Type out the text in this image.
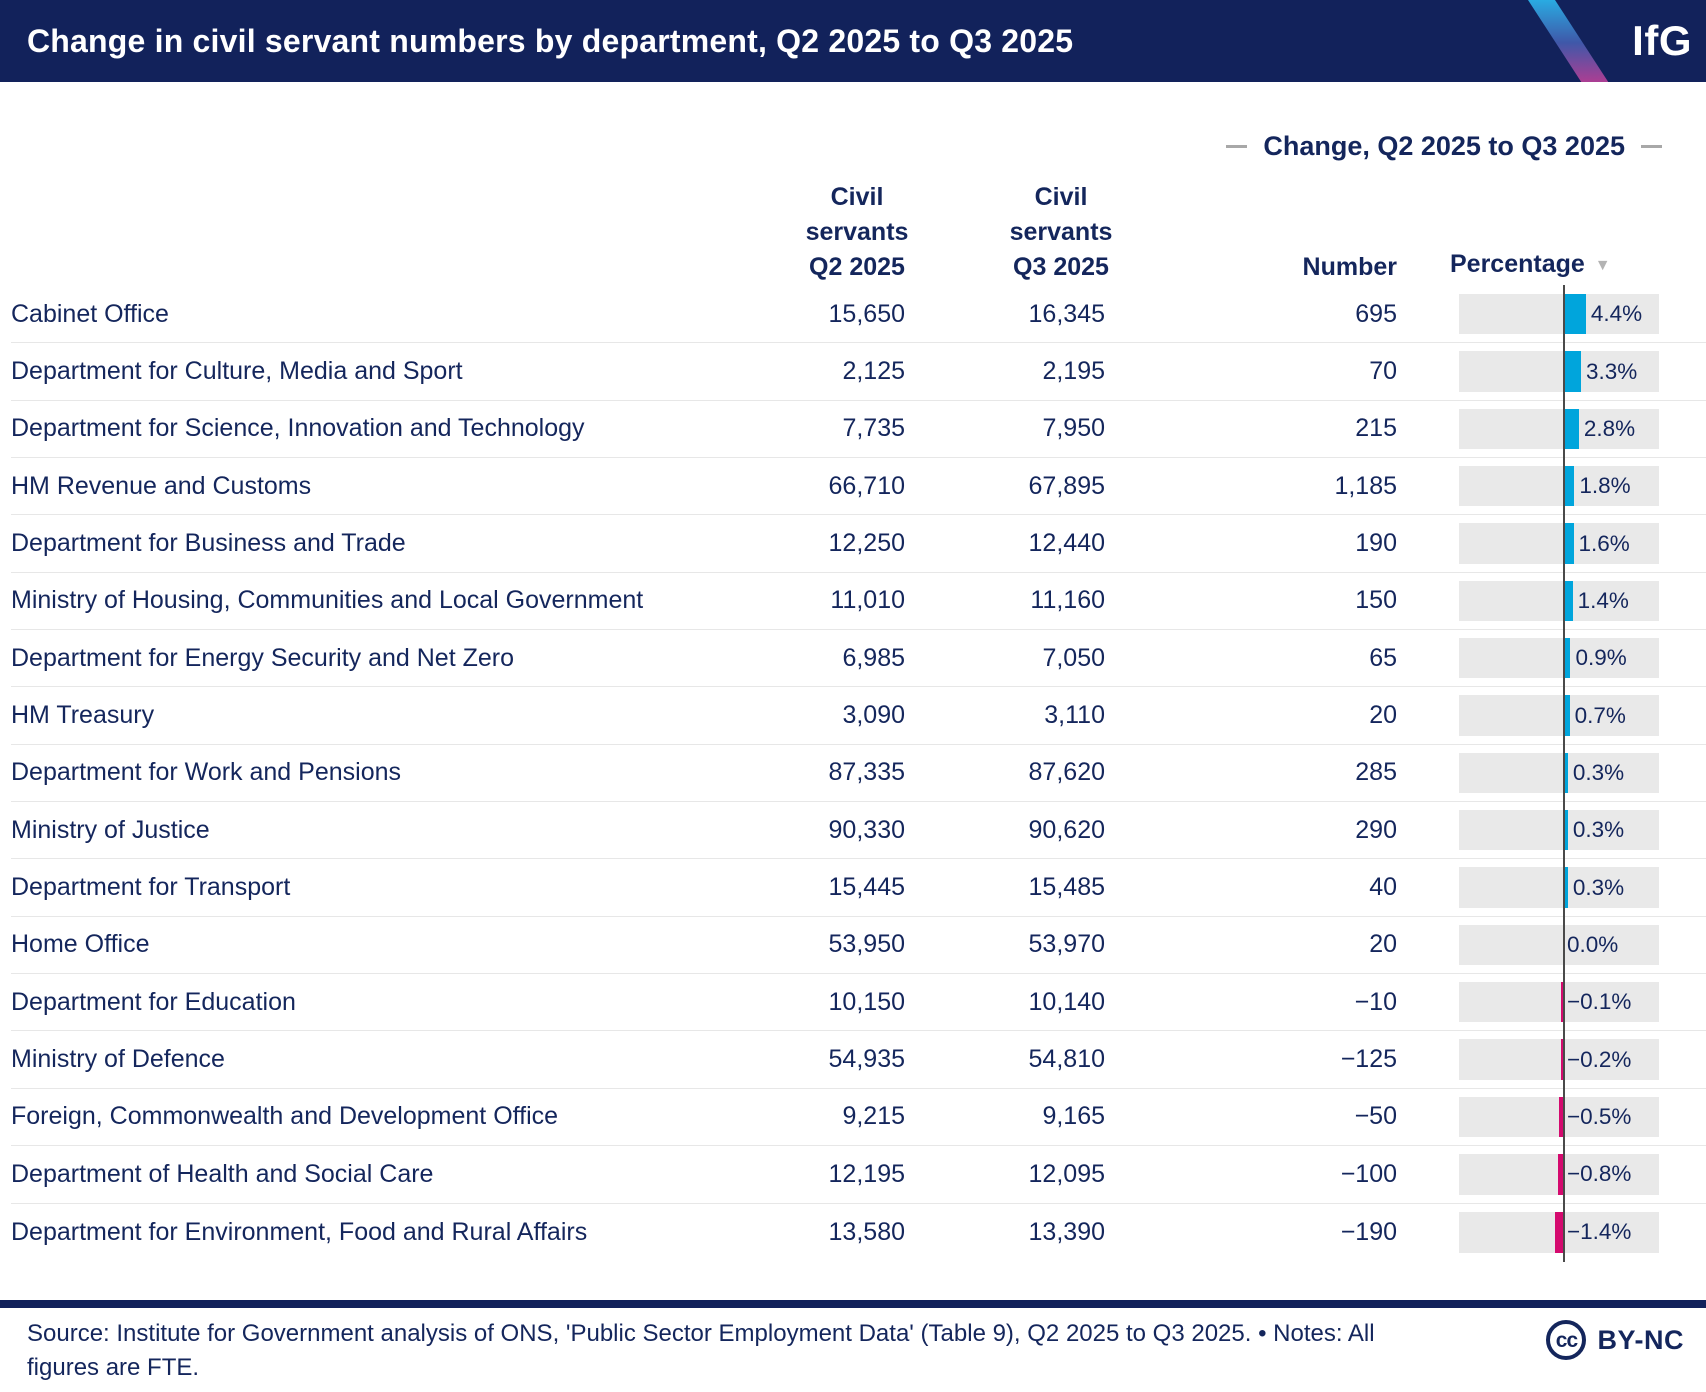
Change in civil servant numbers by department, Q2 2025 to Q3 2025	IfG
Change, Q2 2025 to Q3 2025
Civil
servants
Q2 2025
Civil
servants
Q3 2025	Number Percentage ▼
Cabinet Office	15,650	16,345	695	4.4%
Department for Culture, Media and Sport	2,125	2,195	70	3.3%
Department for Science, Innovation and Technology	7,735	7,950	215	2.8%
HM Revenue and Customs	66,710	67,895	1,185	1.8%
Department for Business and Trade	12,250	12,440	190	1.6%
Ministry of Housing, Communities and Local Government	11,010	11,160	150	1.4%
Department for Energy Security and Net Zero	6,985	7,050	65	0.9%
HM Treasury	3,090	3,110	20	0.7%
Department for Work and Pensions	87,335	87,620	285	0.3%
Ministry of Justice	90,330	90,620	290	0.3%
Department for Transport	15,445	15,485	40	0.3%
Home Office	53,950	53,970	20	0.0%
Department for Education	10,150	10,140	−10	−0.1%
Ministry of Defence	54,935	54,810	−125	−0.2%
Foreign, Commonwealth and Development Office	9,215	9,165	−50	−0.5%
Department of Health and Social Care	12,195	12,095	−100	−0.8%
Department for Environment, Food and Rural Affairs	13,580	13,390	−190	−1.4%
Source: Institute for Government analysis of ONS, 'Public Sector Employment Data' (Table 9), Q2 2025 to Q3 2025. • Notes: All
figures are FTE.
cc BY-NC
